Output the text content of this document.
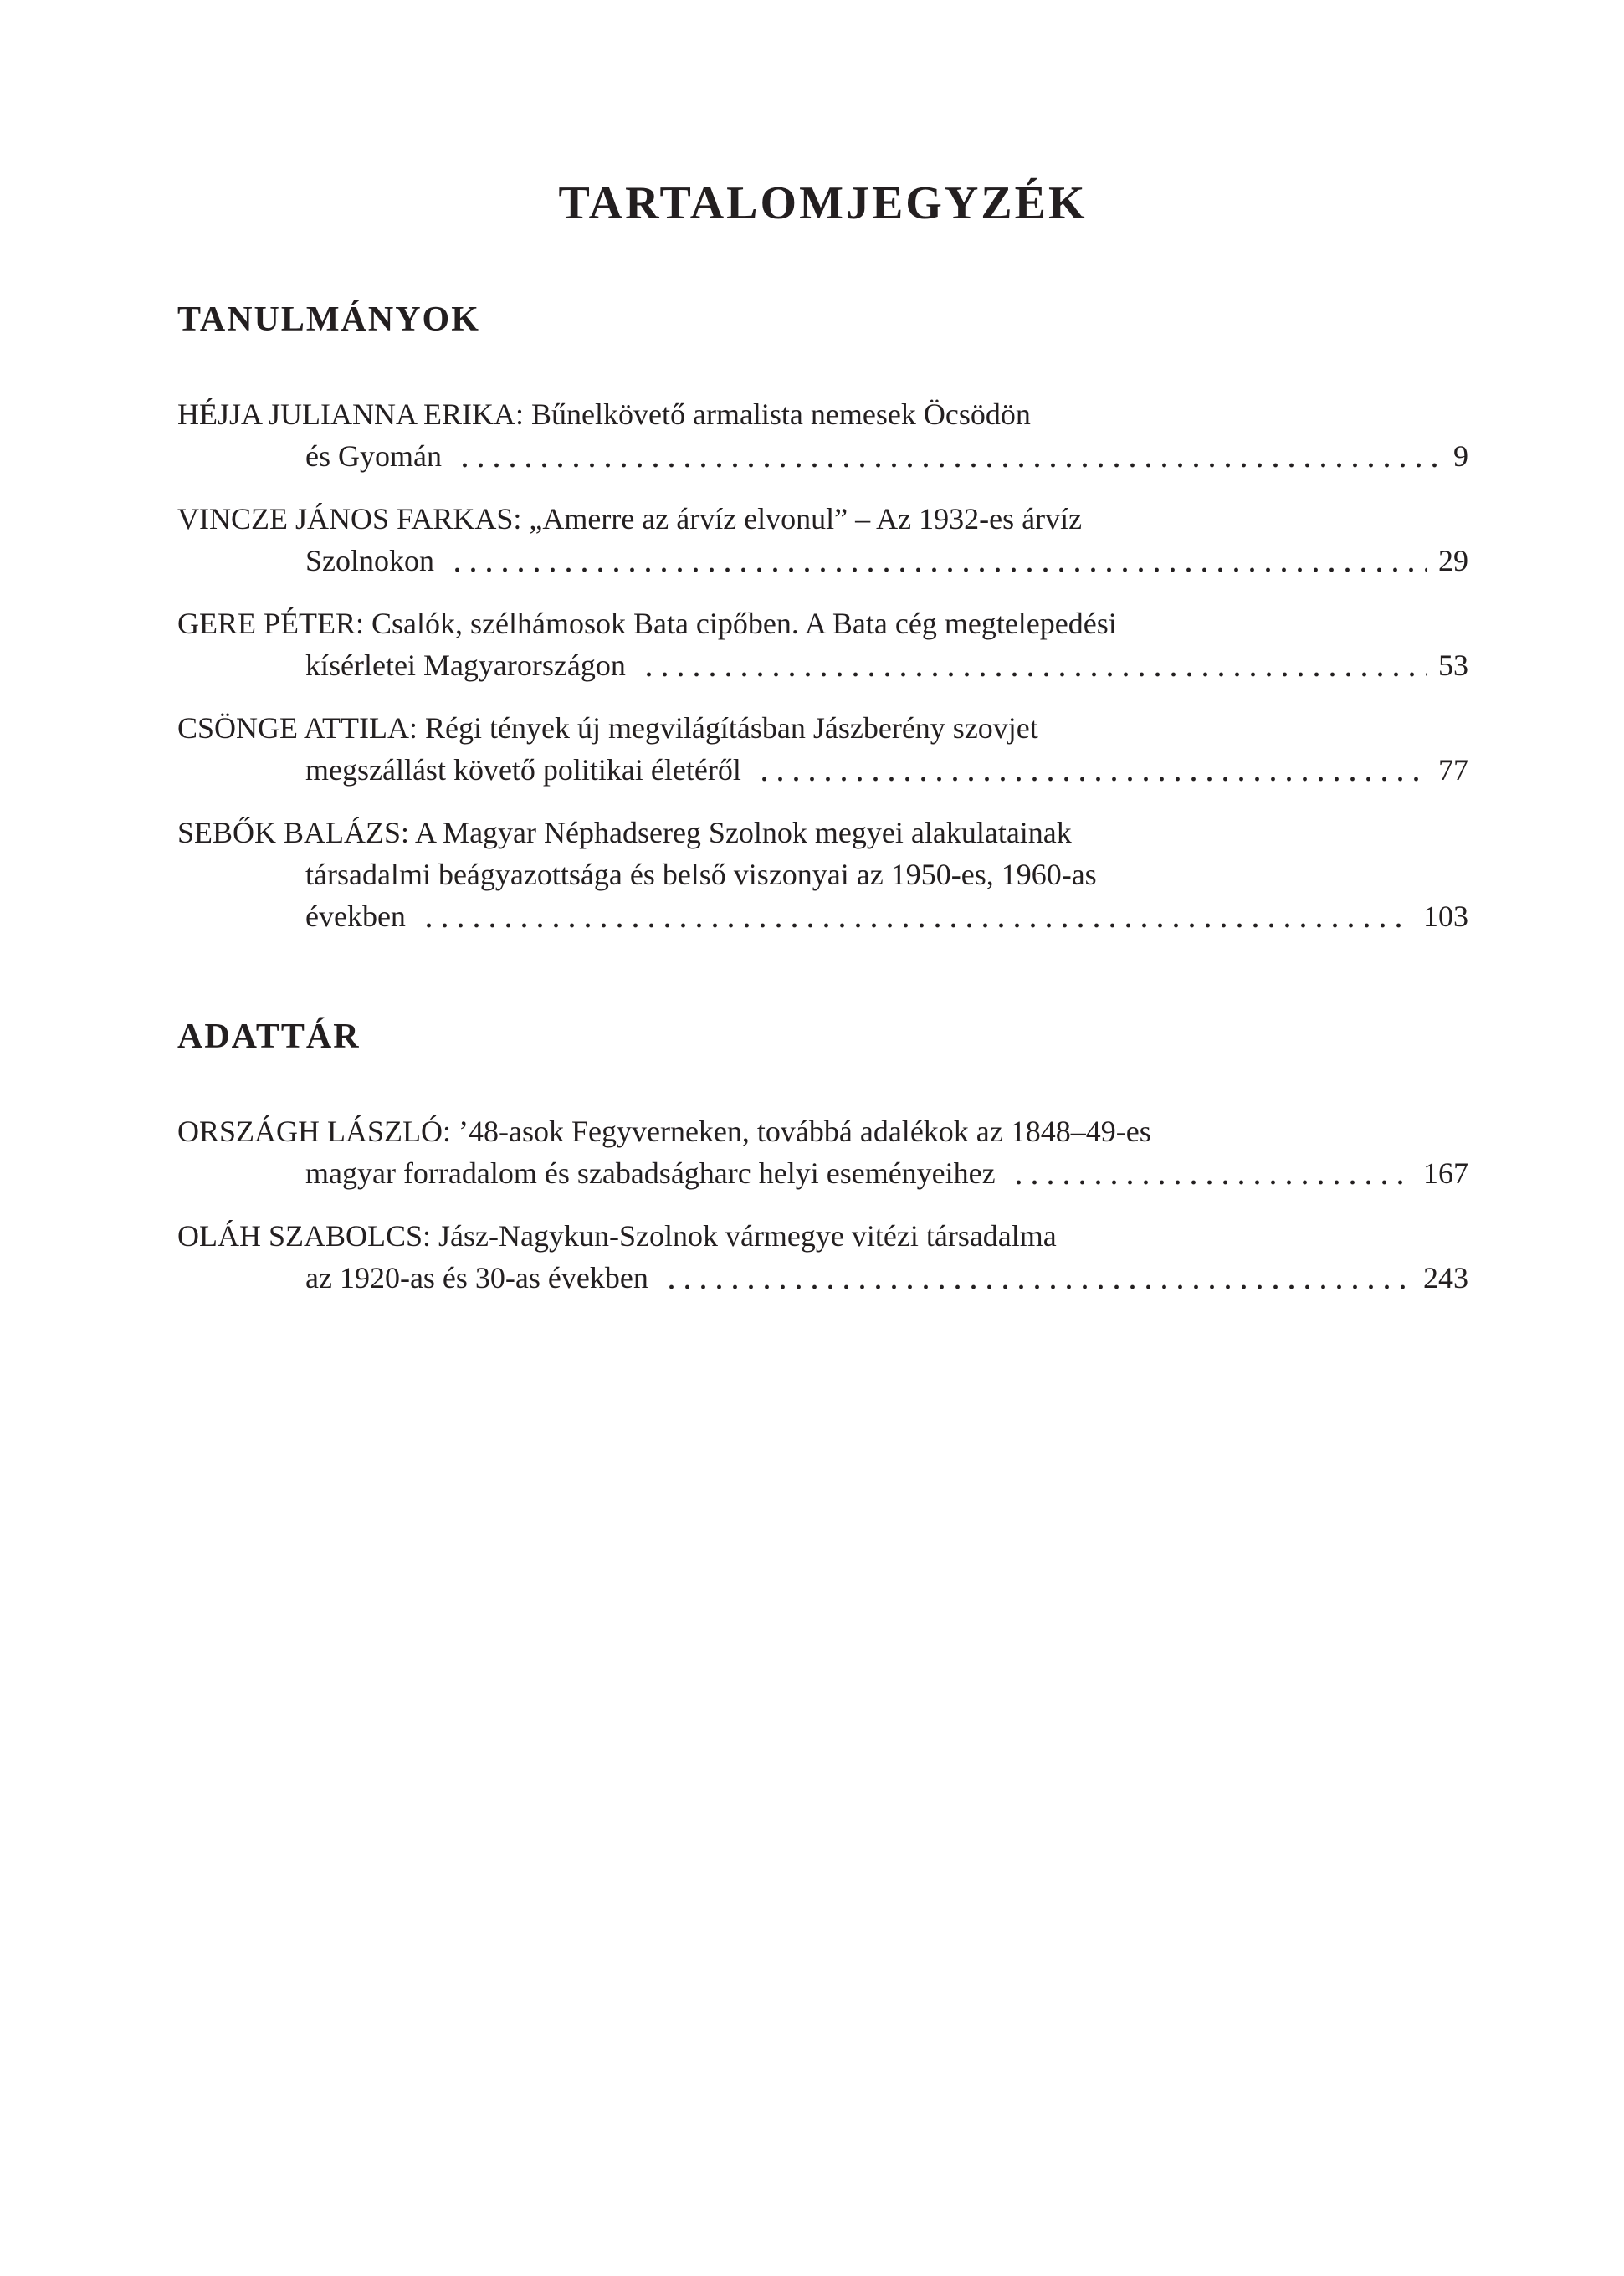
TARTALOMJEGYZÉK
TANULMÁNYOK
HÉJJA JULIANNA ERIKA: Bűnelkövető armalista nemesek Öcsödön
és Gyomán	9
VINCZE JÁNOS FARKAS: „Amerre az árvíz elvonul” – Az 1932-es árvíz
Szolnokon	29
GERE PÉTER: Csalók, szélhámosok Bata cipőben. A Bata cég megtelepedési
kísérletei Magyarországon	53
CSÖNGE ATTILA: Régi tények új megvilágításban Jászberény szovjet
megszállást követő politikai életéről	77
SEBŐK BALÁZS: A Magyar Néphadsereg Szolnok megyei alakulatainak
társadalmi beágyazottsága és belső viszonyai az 1950-es, 1960-as
években	103
ADATTÁR
ORSZÁGH LÁSZLÓ: ’48-asok Fegyverneken, továbbá adalékok az 1848–49-es
magyar forradalom és szabadságharc helyi eseményeihez	167
OLÁH SZABOLCS: Jász-Nagykun-Szolnok vármegye vitézi társadalma
az 1920-as és 30-as években	243
